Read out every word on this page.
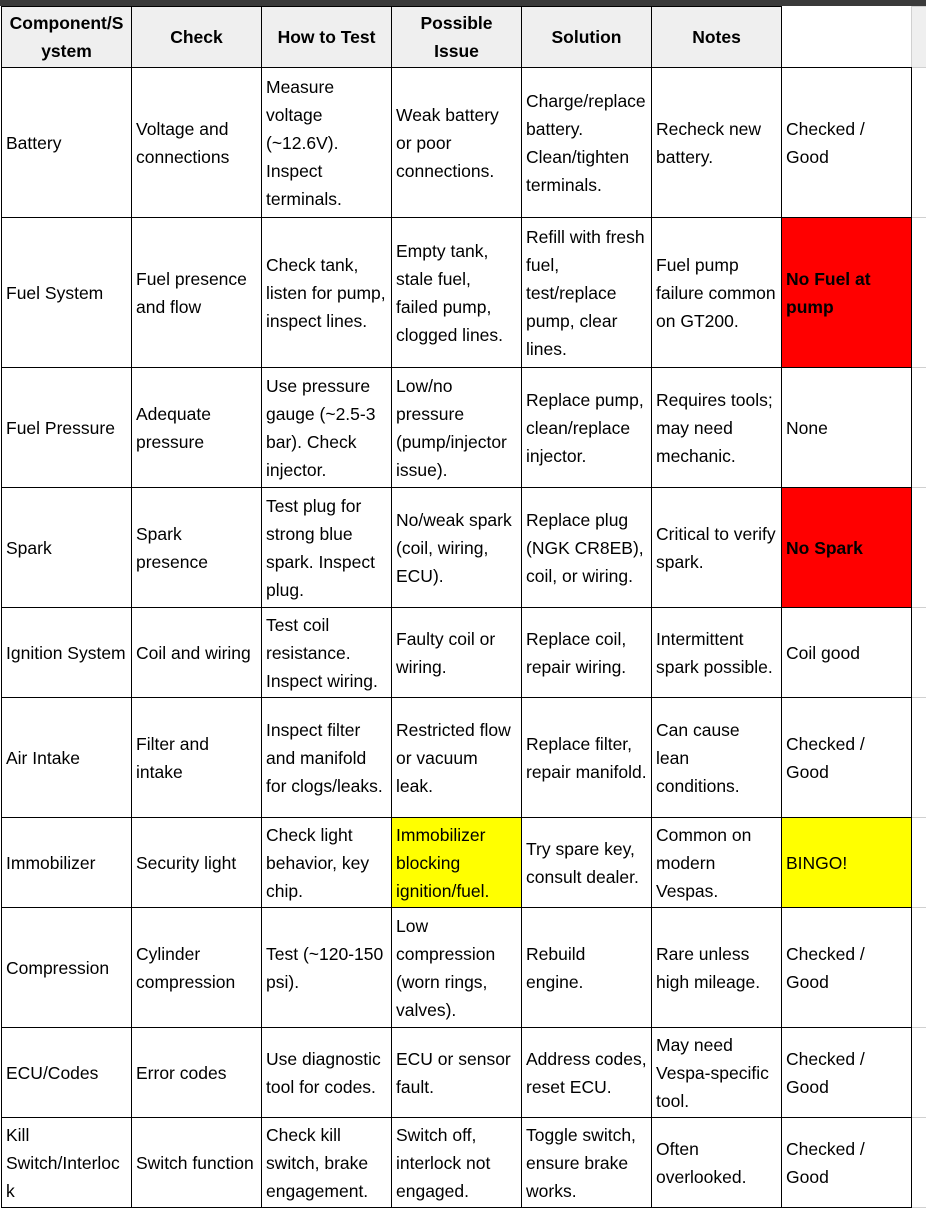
Component/System	Check	How to Test	Possible Issue	Solution	Notes		
Battery	Voltage and connections	Measure voltage (~12.6V). Inspect terminals.	Weak battery or poor connections.	Charge/replace battery. Clean/tighten terminals.	Recheck new battery.	Checked / Good	
Fuel System	Fuel presence and flow	Check tank, listen for pump, inspect lines.	Empty tank, stale fuel, failed pump, clogged lines.	Refill with fresh fuel, test/replace pump, clear lines.	Fuel pump failure common on GT200.	No Fuel at pump	
Fuel Pressure	Adequate pressure	Use pressure gauge (~2.5-3 bar). Check injector.	Low/no pressure (pump/injector issue).	Replace pump, clean/replace injector.	Requires tools; may need mechanic.	None	
Spark	Spark presence	Test plug for strong blue spark. Inspect plug.	No/weak spark (coil, wiring, ECU).	Replace plug (NGK CR8EB), coil, or wiring.	Critical to verify spark.	No Spark	
Ignition System	Coil and wiring	Test coil resistance. Inspect wiring.	Faulty coil or wiring.	Replace coil, repair wiring.	Intermittent spark possible.	Coil good	
Air Intake	Filter and intake	Inspect filter and manifold for clogs/leaks.	Restricted flow or vacuum leak.	Replace filter, repair manifold.	Can cause lean conditions.	Checked / Good	
Immobilizer	Security light	Check light behavior, key chip.	Immobilizer blocking ignition/fuel.	Try spare key, consult dealer.	Common on modern Vespas.	BINGO!	
Compression	Cylinder compression	Test (~120-150 psi).	Low compression (worn rings, valves).	Rebuild engine.	Rare unless high mileage.	Checked / Good	
ECU/Codes	Error codes	Use diagnostic tool for codes.	ECU or sensor fault.	Address codes, reset ECU.	May need Vespa-specific tool.	Checked / Good	
Kill Switch/Interlock	Switch function	Check kill switch, brake engagement.	Switch off, interlock not engaged.	Toggle switch, ensure brake works.	Often overlooked.	Checked / Good	
